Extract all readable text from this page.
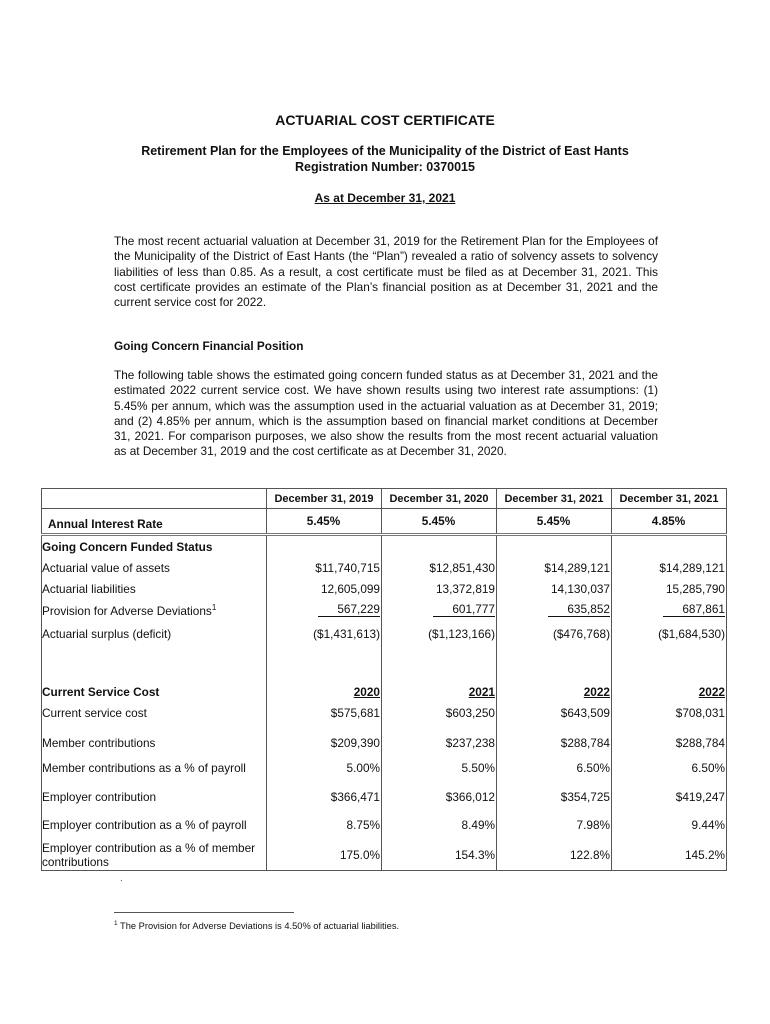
ACTUARIAL COST CERTIFICATE
Retirement Plan for the Employees of the Municipality of the District of East Hants
Registration Number: 0370015
As at December 31, 2021

The most recent actuarial valuation at December 31, 2019 for the Retirement Plan for the Employees of the Municipality of the District of East Hants (the “Plan”) revealed a ratio of solvency assets to solvency liabilities of less than 0.85. As a result, a cost certificate must be filed as at December 31, 2021. This cost certificate provides an estimate of the Plan’s financial position as at December 31, 2021 and the current service cost for 2022.

Going Concern Financial Position

The following table shows the estimated going concern funded status as at December 31, 2021 and the estimated 2022 current service cost. We have shown results using two interest rate assumptions: (1) 5.45% per annum, which was the assumption used in the actuarial valuation as at December 31, 2019; and (2) 4.85% per annum, which is the assumption based on financial market conditions at December 31, 2021. For comparison purposes, we also show the results from the most recent actuarial valuation as at December 31, 2019 and the cost certificate as at December 31, 2020.

	December 31, 2019	December 31, 2020	December 31, 2021	December 31, 2021
Annual Interest Rate	5.45%	5.45%	5.45%	4.85%
Going Concern Funded Status				
Actuarial value of assets	$11,740,715	$12,851,430	$14,289,121	$14,289,121
Actuarial liabilities	12,605,099	13,372,819	14,130,037	15,285,790
Provision for Adverse Deviations$^1$	567,229	601,777	635,852	687,861
Actuarial surplus (deficit)	($1,431,613)	($1,123,166)	($476,768)	($1,684,530)

Current Service Cost	2020	2021	2022	2022
Current service cost	$575,681	$603,250	$643,509	$708,031

Member contributions	$209,390	$237,238	$288,784	$288,784
Member contributions as a % of payroll	5.00%	5.50%	6.50%	6.50%
Employer contribution	$366,471	$366,012	$354,725	$419,247
Employer contribution as a % of payroll	8.75%	8.49%	7.98%	9.44%
Employer contribution as a % of member contributions	175.0%	154.3%	122.8%	145.2%
.
$^1$ The Provision for Adverse Deviations is 4.50% of actuarial liabilities.
